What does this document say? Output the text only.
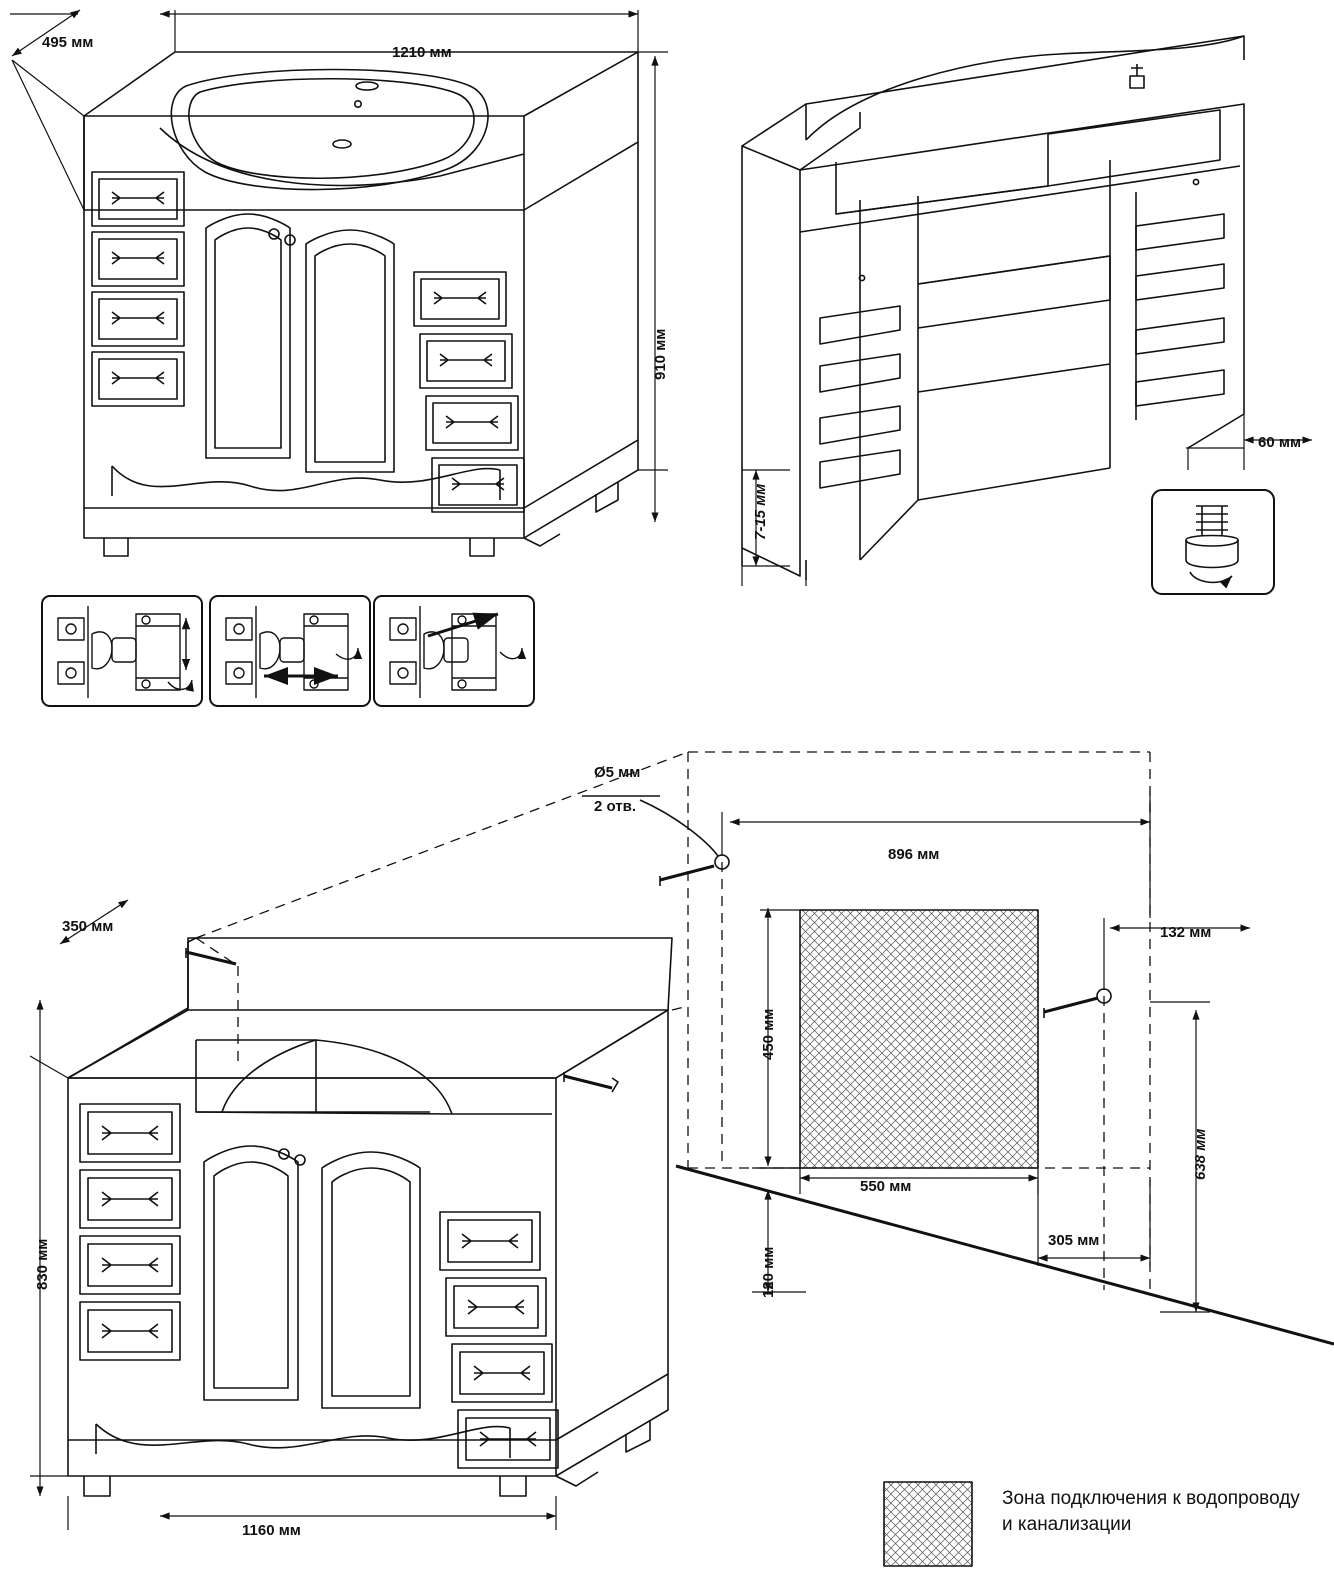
495 мм
1210 мм
910 мм
7-15 мм
60 мм
350 мм
830 мм
1160 мм
Ø5 мм
2 отв.
896 мм
132 мм
450 мм
550 мм
120 мм
305 мм
638 мм
Зона подключения к водопроводу и канализации
